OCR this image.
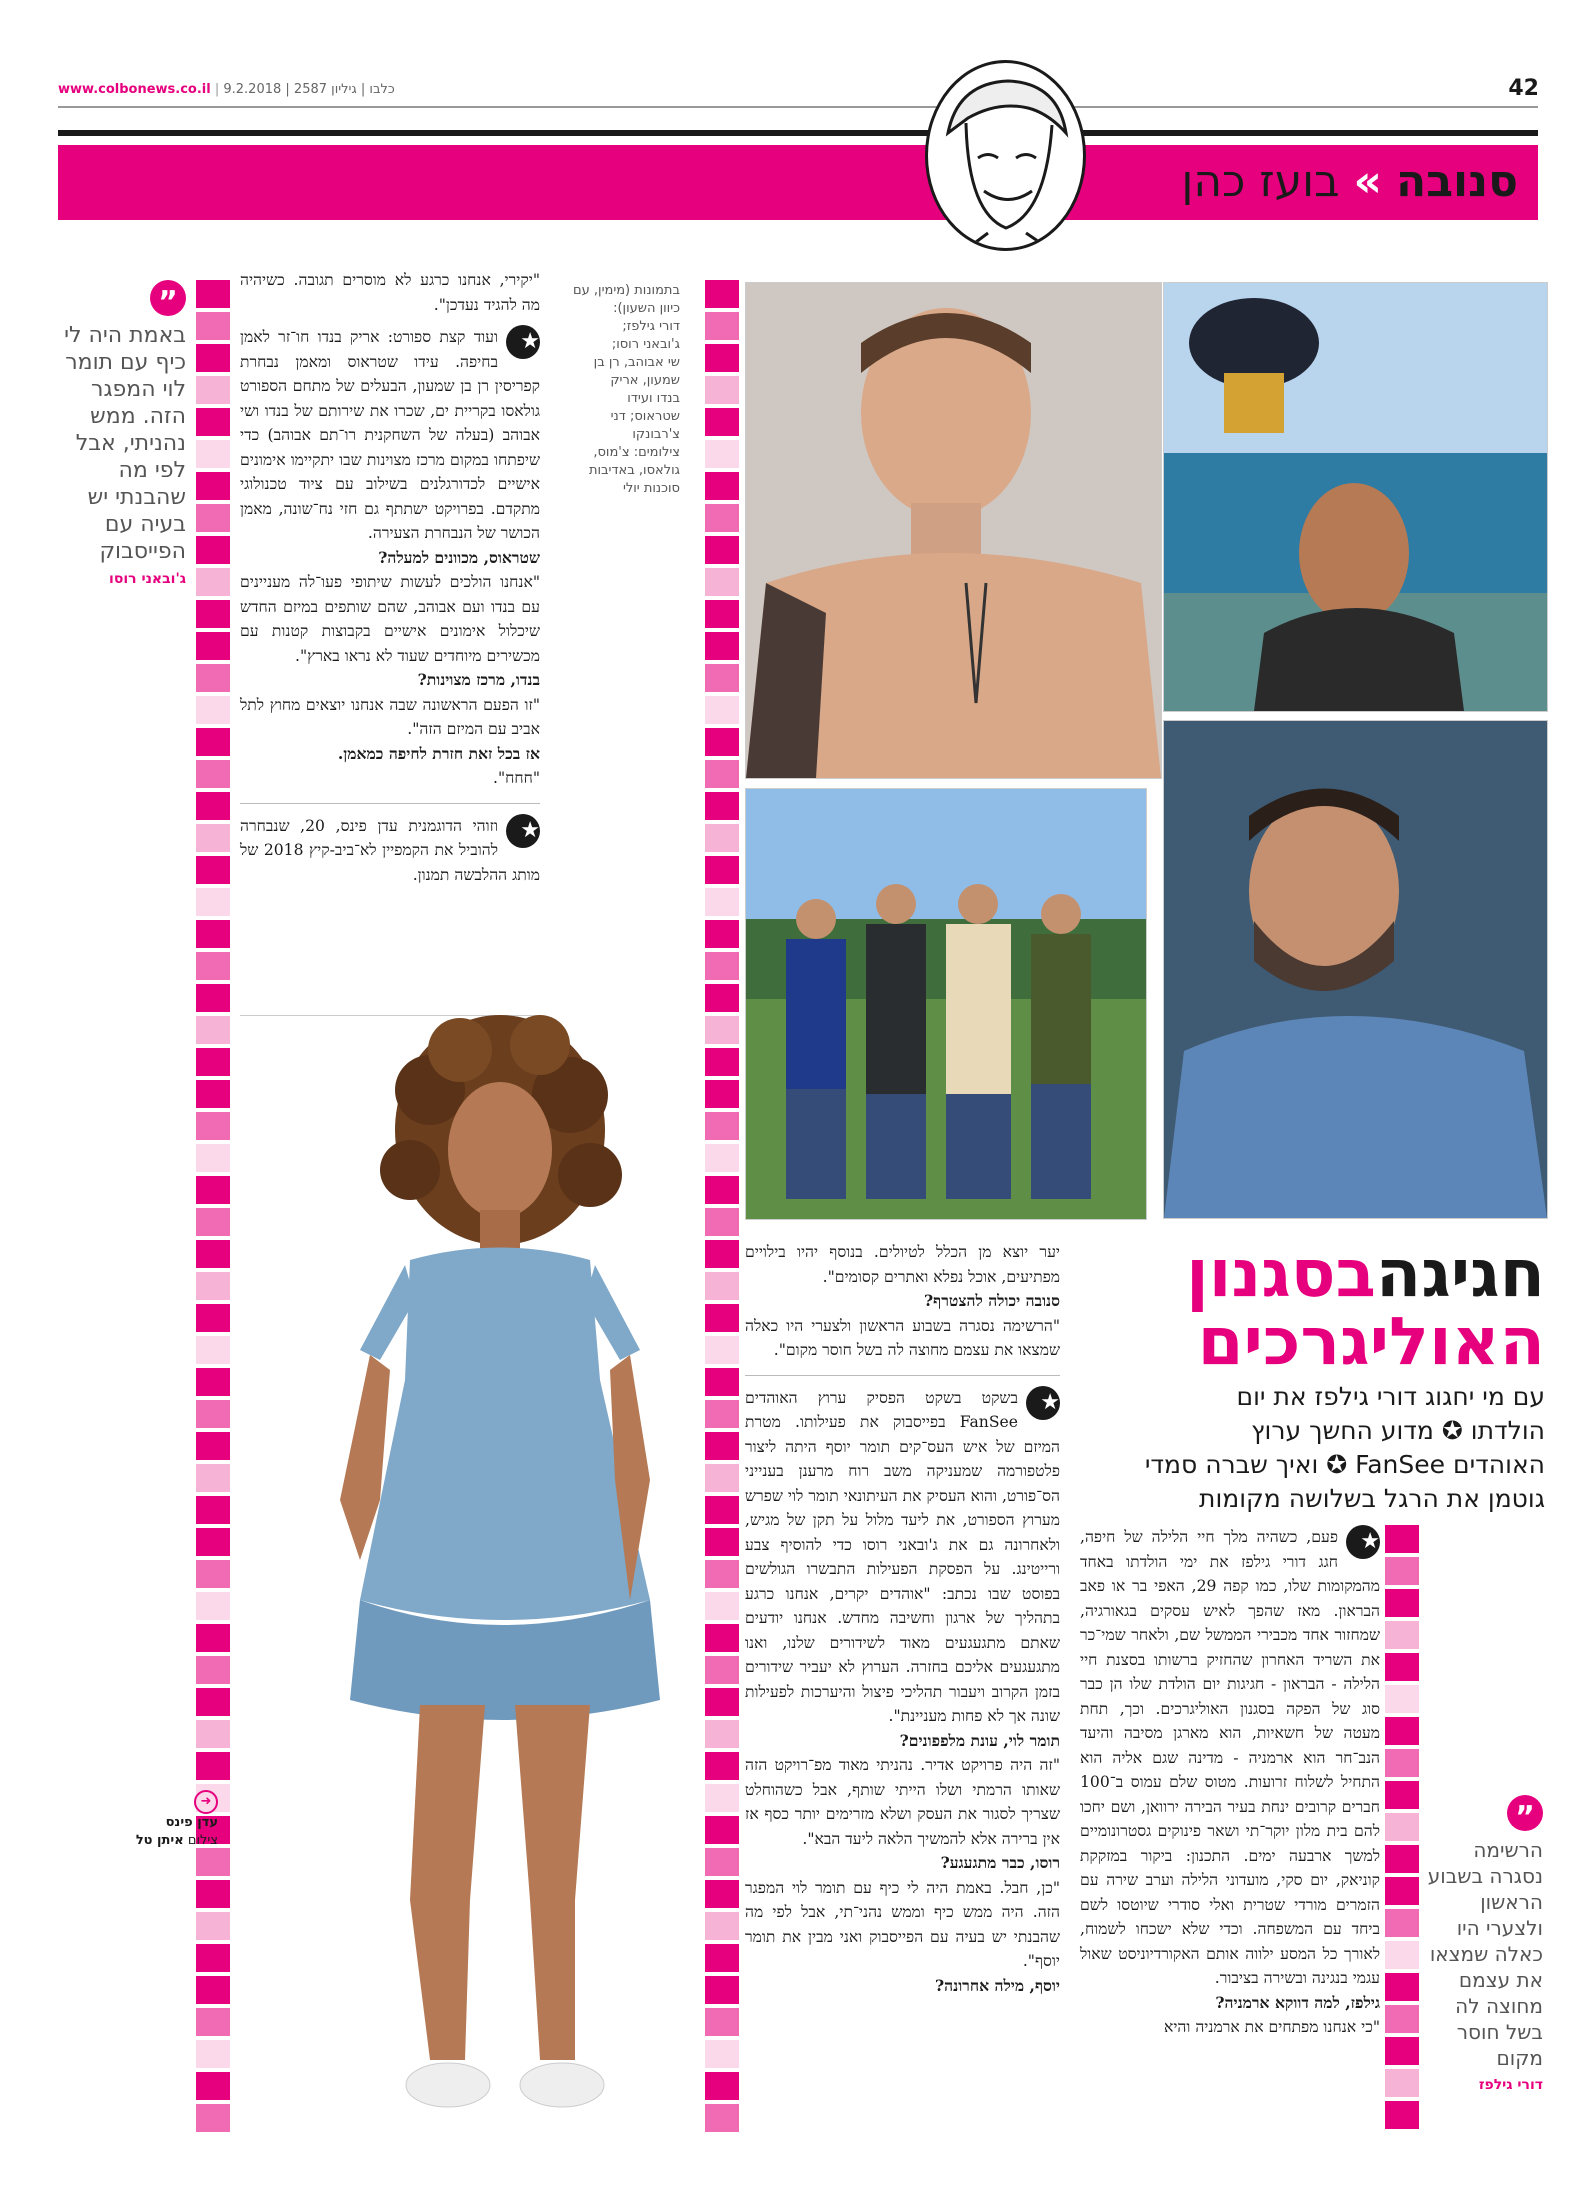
www.colbonews.co.il | כלבו | גיליון 2587 | 9.2.2018	42
סנובה » בועז כהן
”
באמת היה לי כיף עם תומר לוי המפגר הזה. ממש נהניתי, אבל לפי מה שהבנתי יש בעיה עם הפייסבוק
ג'ובאני רוסו
"יקירי, אנחנו כרגע לא מוסרים תגובה. כשיהיה מה להגיד נעדכן".
★
ועוד קצת ספורט: אריק בנדו חו־זר לאמן בחיפה. עידו שטראוס ומאמן נבחרת קפריסין רן בן שמעון, הבעלים של מתחם הספורט גולאסו בקריית ים, שכרו את שירותם של בנדו ושי אבוהב (בעלה של השחקנית רו־תם אבוהב) כדי שיפתחו במקום מרכז מצוינות שבו יתקיימו אימונים אישיים לכדורגלנים בשילוב עם ציוד טכנולוגי מתקדם. בפרויקט ישתתף גם חזי נח־שונה, מאמן הכושר של הנבחרת הצעירה.
שטראוס, מכוונים למעלה?
"אנחנו הולכים לעשות שיתופי פעו־לה מעניינים עם בנדו ועם אבוהב, שהם שותפים במיזם החדש שיכלול אימונים אישיים בקבוצות קטנות עם מכשירים מיוחדים שעוד לא נראו בארץ".
בנדו, מרכז מצוינות?
"זו הפעם הראשונה שבה אנחנו יוצאים מחוץ לתל אביב עם המיזם הזה".
אז בכל זאת חזרת לחיפה כמאמן.
"חחח".
★
וזוהי הדוגמנית עדן פינס, 20, שנבחרה להוביל את הקמפיין לא־ביב-קיץ 2018 של מותג ההלבשה תמנון.
➜
עדן פינס
צילום איתן טל
בתמונות (מימין, עם כיוון השעון):
דורי גילפז;
ג'ובאני רוסו;
שי אבוהב, רן בן
שמעון, אריק
בנדו ועידו
שטראוס; דני
צ'רבונקו
צילומים: צ'מוס,
גולאסו, באדיבות
סוכנות יולי
חגיגהבסגנון
האוליגרכים
עם מי יחגוג דורי גילפז את יום
הולדתו ✪ מדוע החשך ערוץ
האוהדים FanSee ✪ ואיך שברה סמדי
גוטמן את הרגל בשלושה מקומות
★
פעם, כשהיה מלך חיי הלילה של חיפה, חגג דורי גילפז את ימי הולדתו באחד מהמקומות שלו, כמו קפה 29, האפי בר או פאב הבראון. מאז שהפך לאיש עסקים בגאורגיה, שמחזור אחד מכבירי הממשל שם, ולאחר שמי־כר את השריד האחרון שהחזיק ברשותו בסצנת חיי הלילה - הבראון - חגיגות יום הולדת שלו הן כבר סוג של הפקה בסגנון האוליגרכים. וכך, תחת מעטה של חשאיות, הוא מארגן מסיבה והיעד הנב־חר הוא ארמניה - מדינה שגם אליה הוא התחיל לשלוח זרועות. מטוס שלם עמוס ב־100 חברים קרובים ינחת בעיר הבירה ירוואן, ושם יחכו להם בית מלון יוקר־תי ושאר פינוקים גסטרונומיים למשך ארבעה ימים. התכנון: ביקור במזקקת קוניאק, יום סקי, מועדוני הלילה וערב שירה עם הזמרים מורדי שטרית ואלי סודרי שיוטסו לשם ביחד עם המשפחה. וכדי שלא ישכחו לשמוח, לאורך כל המסע ילווה אותם האקורדיוניסט שאול עגמי בנגינה ובשירה בציבור.
גילפז, למה דווקא ארמניה?
"כי אנחנו מפתחים את ארמניה והיא
”
הרשימה נסגרה בשבוע הראשון ולצערי היו כאלה שמצאו את עצמם מחוצה לה בשל חוסר מקום
דורי גילפז
יער יוצא מן הכלל לטיולים. בנוסף יהיו בילויים מפתיעים, אוכל נפלא ואתרים קסומים".
סנובה יכולה להצטרף?
"הרשימה נסגרה בשבוע הראשון ולצערי היו כאלה שמצאו את עצמם מחוצה לה בשל חוסר מקום".
★
בשקט בשקט הפסיק ערוץ האוהדים FanSee בפייסבוק את פעילותו. מטרת המיזם של איש העס־קים תומר יוסף היתה ליצור פלטפורמה שמעניקה משב רוח מרענן בענייני הס־פורט, והוא העסיק את העיתונאי תומר לוי שפרש מערוץ הספורט, את ליעד מלול על תקן של מגיש, ולאחרונה גם את ג'ובאני רוסו כדי להוסיף צבע ורייטינג. על הפסקת הפעילות התבשרו הגולשים בפוסט שבו נכתב: "אוהדים יקרים, אנחנו כרגע בתהליך של ארגון וחשיבה מחדש. אנחנו יודעים שאתם מתגעגעים מאוד לשידורים שלנו, ואנו מתגעגעים אליכם בחזרה. הערוץ לא יעביר שידורים בזמן הקרוב ויעבור תהליכי פיצול והיערכות לפעילות שונה אך לא פחות מעניינת".
תומר לוי, עונת מלפפונים?
"זה היה פרויקט אדיר. נהניתי מאוד מפ־רויקט הזה שאותו הרמתי ושלו הייתי שותף, אבל כשהוחלט שצריך לסגור את העסק ושלא מזרימים יותר כסף אז אין ברירה אלא להמשיך הלאה ליעד הבא".
רוסו, כבר מתגעגע?
"כן, חבל. באמת היה לי כיף עם תומר לוי המפגר הזה. היה ממש כיף וממש נהני־תי, אבל לפי מה שהבנתי יש בעיה עם הפייסבוק ואני מבין את תומר יוסף".
יוסף, מילה אחרונה?
